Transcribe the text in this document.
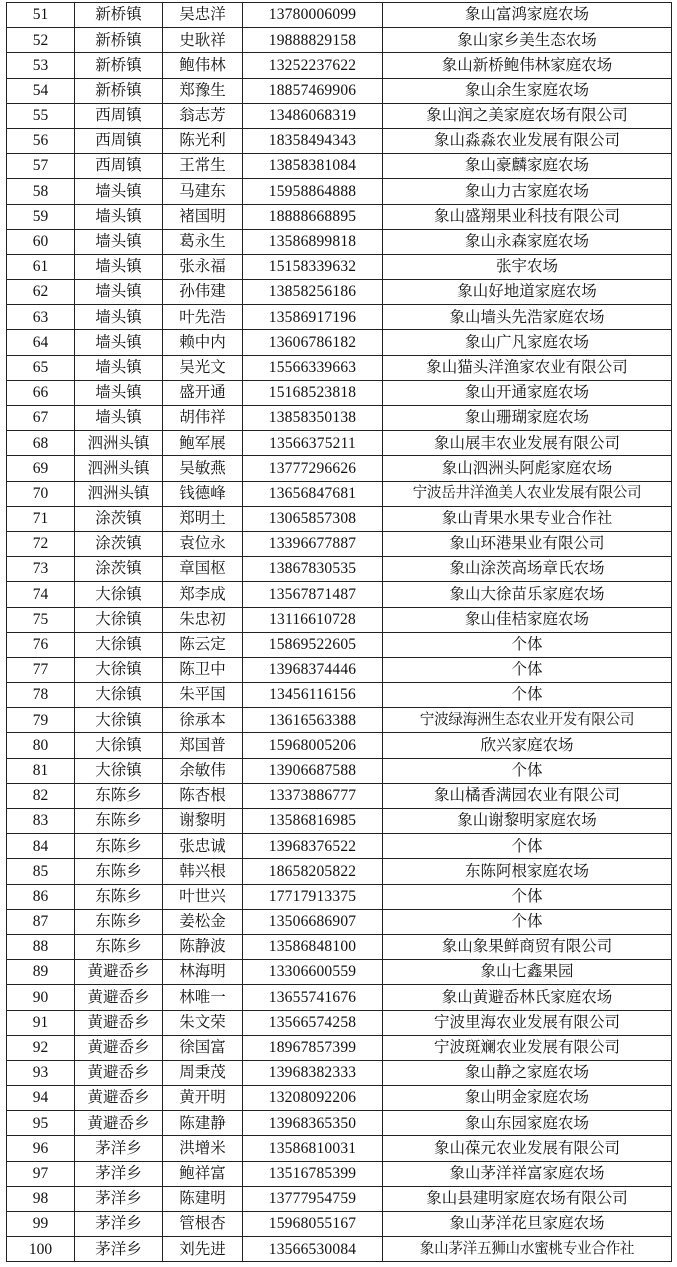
51	新桥镇	吴忠洋	13780006099	象山富鸿家庭农场
52	新桥镇	史耿祥	19888829158	象山家乡美生态农场
53	新桥镇	鲍伟林	13252237622	象山新桥鲍伟林家庭农场
54	新桥镇	郑豫生	18857469906	象山余生家庭农场
55	西周镇	翁志芳	13486068319	象山润之美家庭农场有限公司
56	西周镇	陈光利	18358494343	象山淼淼农业发展有限公司
57	西周镇	王常生	13858381084	象山豪麟家庭农场
58	墙头镇	马建东	15958864888	象山力古家庭农场
59	墙头镇	褚国明	18888668895	象山盛翔果业科技有限公司
60	墙头镇	葛永生	13586899818	象山永森家庭农场
61	墙头镇	张永福	15158339632	张宇农场
62	墙头镇	孙伟建	13858256186	象山好地道家庭农场
63	墙头镇	叶先浩	13586917196	象山墙头先浩家庭农场
64	墙头镇	赖中内	13606786182	象山广凡家庭农场
65	墙头镇	吴光文	15566339663	象山猫头洋渔家农业有限公司
66	墙头镇	盛开通	15168523818	象山开通家庭农场
67	墙头镇	胡伟祥	13858350138	象山珊瑚家庭农场
68	泗洲头镇	鲍军展	13566375211	象山展丰农业发展有限公司
69	泗洲头镇	吴敏燕	13777296626	象山泗洲头阿彪家庭农场
70	泗洲头镇	钱德峰	13656847681	宁波岳井洋渔美人农业发展有限公司
71	涂茨镇	郑明土	13065857308	象山青果水果专业合作社
72	涂茨镇	袁位永	13396677887	象山环港果业有限公司
73	涂茨镇	章国枢	13867830535	象山涂茨高场章氏农场
74	大徐镇	郑李成	13567871487	象山大徐苗乐家庭农场
75	大徐镇	朱忠初	13116610728	象山佳桔家庭农场
76	大徐镇	陈云定	15869522605	个体
77	大徐镇	陈卫中	13968374446	个体
78	大徐镇	朱平国	13456116156	个体
79	大徐镇	徐承本	13616563388	宁波绿海洲生态农业开发有限公司
80	大徐镇	郑国普	15968005206	欣兴家庭农场
81	大徐镇	余敏伟	13906687588	个体
82	东陈乡	陈杏根	13373886777	象山橘香满园农业有限公司
83	东陈乡	谢黎明	13586816985	象山谢黎明家庭农场
84	东陈乡	张忠诚	13968376522	个体
85	东陈乡	韩兴根	18658205822	东陈阿根家庭农场
86	东陈乡	叶世兴	17717913375	个体
87	东陈乡	姜松金	13506686907	个体
88	东陈乡	陈静波	13586848100	象山象果鲜商贸有限公司
89	黄避岙乡	林海明	13306600559	象山七鑫果园
90	黄避岙乡	林唯一	13655741676	象山黄避岙林氏家庭农场
91	黄避岙乡	朱文荣	13566574258	宁波里海农业发展有限公司
92	黄避岙乡	徐国富	18967857399	宁波斑斓农业发展有限公司
93	黄避岙乡	周秉茂	13968382333	象山静之家庭农场
94	黄避岙乡	黄开明	13208092206	象山明金家庭农场
95	黄避岙乡	陈建静	13968365350	象山东园家庭农场
96	茅洋乡	洪增米	13586810031	象山葆元农业发展有限公司
97	茅洋乡	鲍祥富	13516785399	象山茅洋祥富家庭农场
98	茅洋乡	陈建明	13777954759	象山县建明家庭农场有限公司
99	茅洋乡	管根杏	15968055167	象山茅洋花旦家庭农场
100	茅洋乡	刘先进	13566530084	象山茅洋五狮山水蜜桃专业合作社
